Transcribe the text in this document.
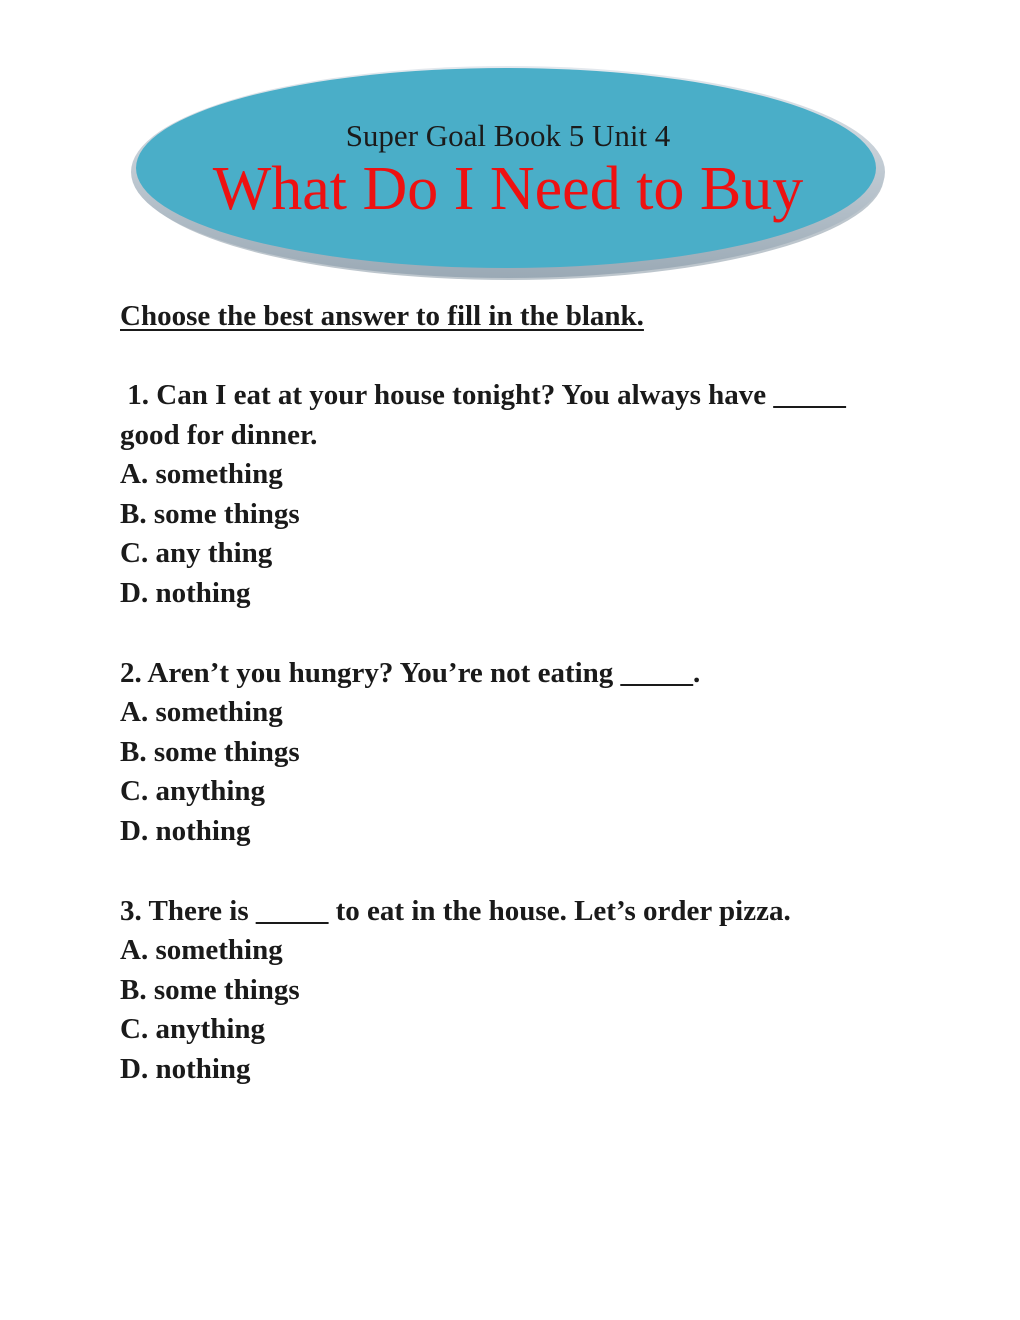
Super Goal Book 5 Unit 4
What Do I Need to Buy

Choose the best answer to fill in the blank.

1. Can I eat at your house tonight? You always have _____ good for dinner.

A. something

B. some things

C. any thing

D. nothing

2. Aren’t you hungry? You’re not eating _____.

A. something

B. some things

C. anything

D. nothing

3. There is _____ to eat in the house. Let’s order pizza.

A. something

B. some things

C. anything

D. nothing
